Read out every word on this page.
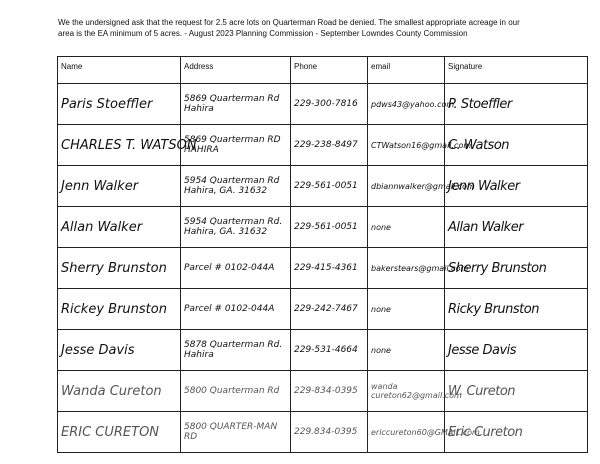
We the undersigned ask that the request for 2.5 acre lots on Quarterman Road be denied. The smallest appropriate acreage in our
area is the EA minimum of 5 acres. - August 2023 Planning Commission - September Lowndes County Commission
Name	Address	Phone	email	Signature
Paris Stoeffler	5869 Quarterman Rd Hahira	229-300-7816	pdws43@yahoo.com	P. Stoeffler
CHARLES T. WATSON	5869 Quarterman RD HAHIRA	229-238-8497	CTWatson16@gmail.com	C. Watson
Jenn Walker	5954 Quarterman Rd Hahira, GA. 31632	229-561-0051	dbiannwalker@gmail.com	Jenn Walker
Allan Walker	5954 Quarterman Rd. Hahira, GA. 31632	229-561-0051	none	Allan Walker
Sherry Brunston	Parcel # 0102-044A	229-415-4361	bakerstears@gmail.com	Sherry Brunston
Rickey Brunston	Parcel # 0102-044A	229-242-7467	none	Ricky Brunston
Jesse Davis	5878 Quarterman Rd. Hahira	229-531-4664	none	Jesse Davis
Wanda Cureton	5800 Quarterman Rd	229-834-0395	wanda cureton62@gmail.com	W. Cureton
ERIC CURETON	5800 QUARTER-MAN RD	229.834-0395	ericcureton60@GMAIL.com	Eric Cureton
